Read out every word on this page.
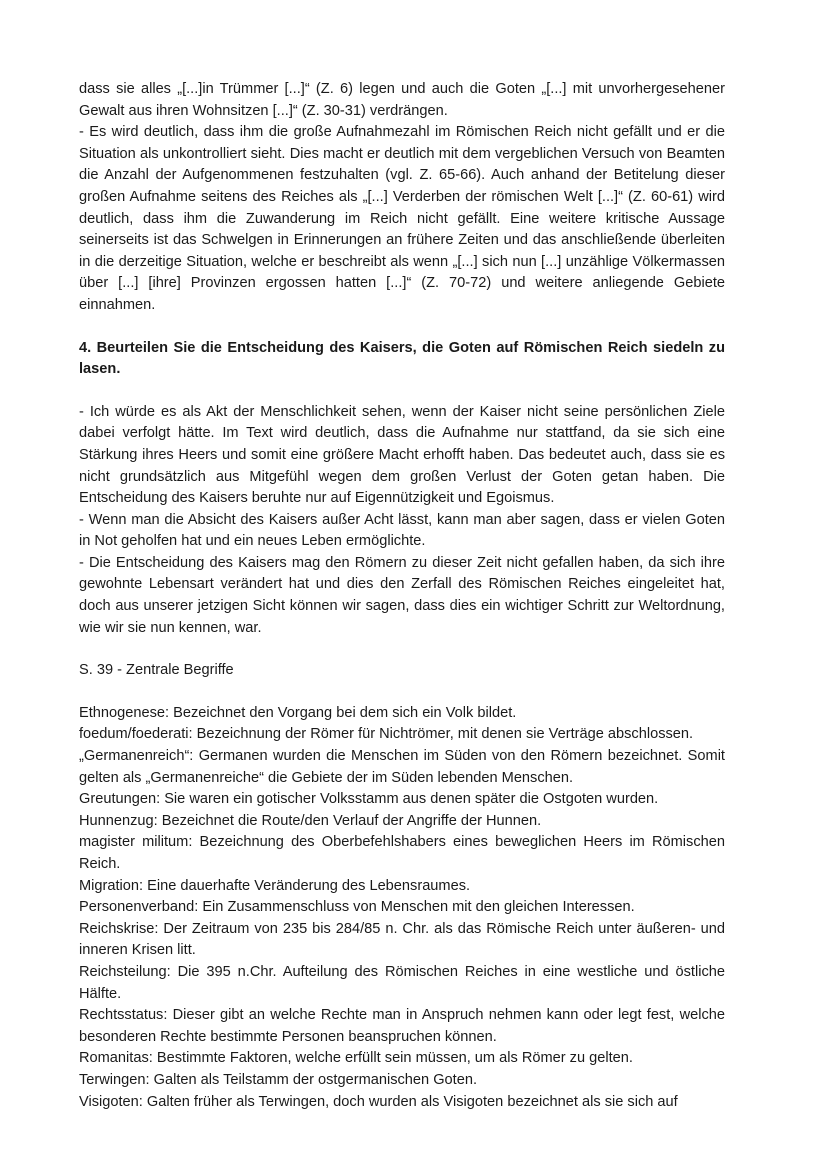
dass sie alles „[...]in Trümmer [...]“ (Z. 6) legen und auch die Goten „[...] mit unvorhergesehener Gewalt aus ihren Wohnsitzen [...]“ (Z. 30-31) verdrängen.

- Es wird deutlich, dass ihm die große Aufnahmezahl im Römischen Reich nicht gefällt und er die Situation als unkontrolliert sieht. Dies macht er deutlich mit dem vergeblichen Versuch von Beamten die Anzahl der Aufgenommenen festzuhalten (vgl. Z. 65-66). Auch anhand der Betitelung dieser großen Aufnahme seitens des Reiches als „[...] Verderben der römischen Welt [...]“ (Z. 60-61) wird deutlich, dass ihm die Zuwanderung im Reich nicht gefällt. Eine weitere kritische Aussage seinerseits ist das Schwelgen in Erinnerungen an frühere Zeiten und das anschließende überleiten in die derzeitige Situation, welche er beschreibt als wenn „[...] sich nun [...] unzählige Völkermassen über [...] [ihre] Provinzen ergossen hatten [...]“ (Z. 70-72) und weitere anliegende Gebiete einnahmen.

4. Beurteilen Sie die Entscheidung des Kaisers, die Goten auf Römischen Reich siedeln zu lasen.

- Ich würde es als Akt der Menschlichkeit sehen, wenn der Kaiser nicht seine persönlichen Ziele dabei verfolgt hätte. Im Text wird deutlich, dass die Aufnahme nur stattfand, da sie sich eine Stärkung ihres Heers und somit eine größere Macht erhofft haben. Das bedeutet auch, dass sie es nicht grundsätzlich aus Mitgefühl wegen dem großen Verlust der Goten getan haben. Die Entscheidung des Kaisers beruhte nur auf Eigennützigkeit und Egoismus.

- Wenn man die Absicht des Kaisers außer Acht lässt, kann man aber sagen, dass er vielen Goten in Not geholfen hat und ein neues Leben ermöglichte.

- Die Entscheidung des Kaisers mag den Römern zu dieser Zeit nicht gefallen haben, da sich ihre gewohnte Lebensart verändert hat und dies den Zerfall des Römischen Reiches eingeleitet hat, doch aus unserer jetzigen Sicht können wir sagen, dass dies ein wichtiger Schritt zur Weltordnung, wie wir sie nun kennen, war.

S. 39 - Zentrale Begriffe

Ethnogenese: Bezeichnet den Vorgang bei dem sich ein Volk bildet.

foedum/foederati: Bezeichnung der Römer für Nichtrömer, mit denen sie Verträge abschlossen.

„Germanenreich“: Germanen wurden die Menschen im Süden von den Römern bezeichnet. Somit gelten als „Germanenreiche“ die Gebiete der im Süden lebenden Menschen.

Greutungen: Sie waren ein gotischer Volksstamm aus denen später die Ostgoten wurden.

Hunnenzug: Bezeichnet die Route/den Verlauf der Angriffe der Hunnen.

magister militum: Bezeichnung des Oberbefehlshabers eines beweglichen Heers im Römischen Reich.

Migration: Eine dauerhafte Veränderung des Lebensraumes.

Personenverband: Ein Zusammenschluss von Menschen mit den gleichen Interessen.

Reichskrise: Der Zeitraum von 235 bis 284/85 n. Chr. als das Römische Reich unter äußeren- und inneren Krisen litt.

Reichsteilung: Die 395 n.Chr. Aufteilung des Römischen Reiches in eine westliche und östliche Hälfte.

Rechtsstatus: Dieser gibt an welche Rechte man in Anspruch nehmen kann oder legt fest, welche besonderen Rechte bestimmte Personen beanspruchen können.

Romanitas: Bestimmte Faktoren, welche erfüllt sein müssen, um als Römer zu gelten.

Terwingen: Galten als Teilstamm der ostgermanischen Goten.

Visigoten: Galten früher als Terwingen, doch wurden als Visigoten bezeichnet als sie sich auf
